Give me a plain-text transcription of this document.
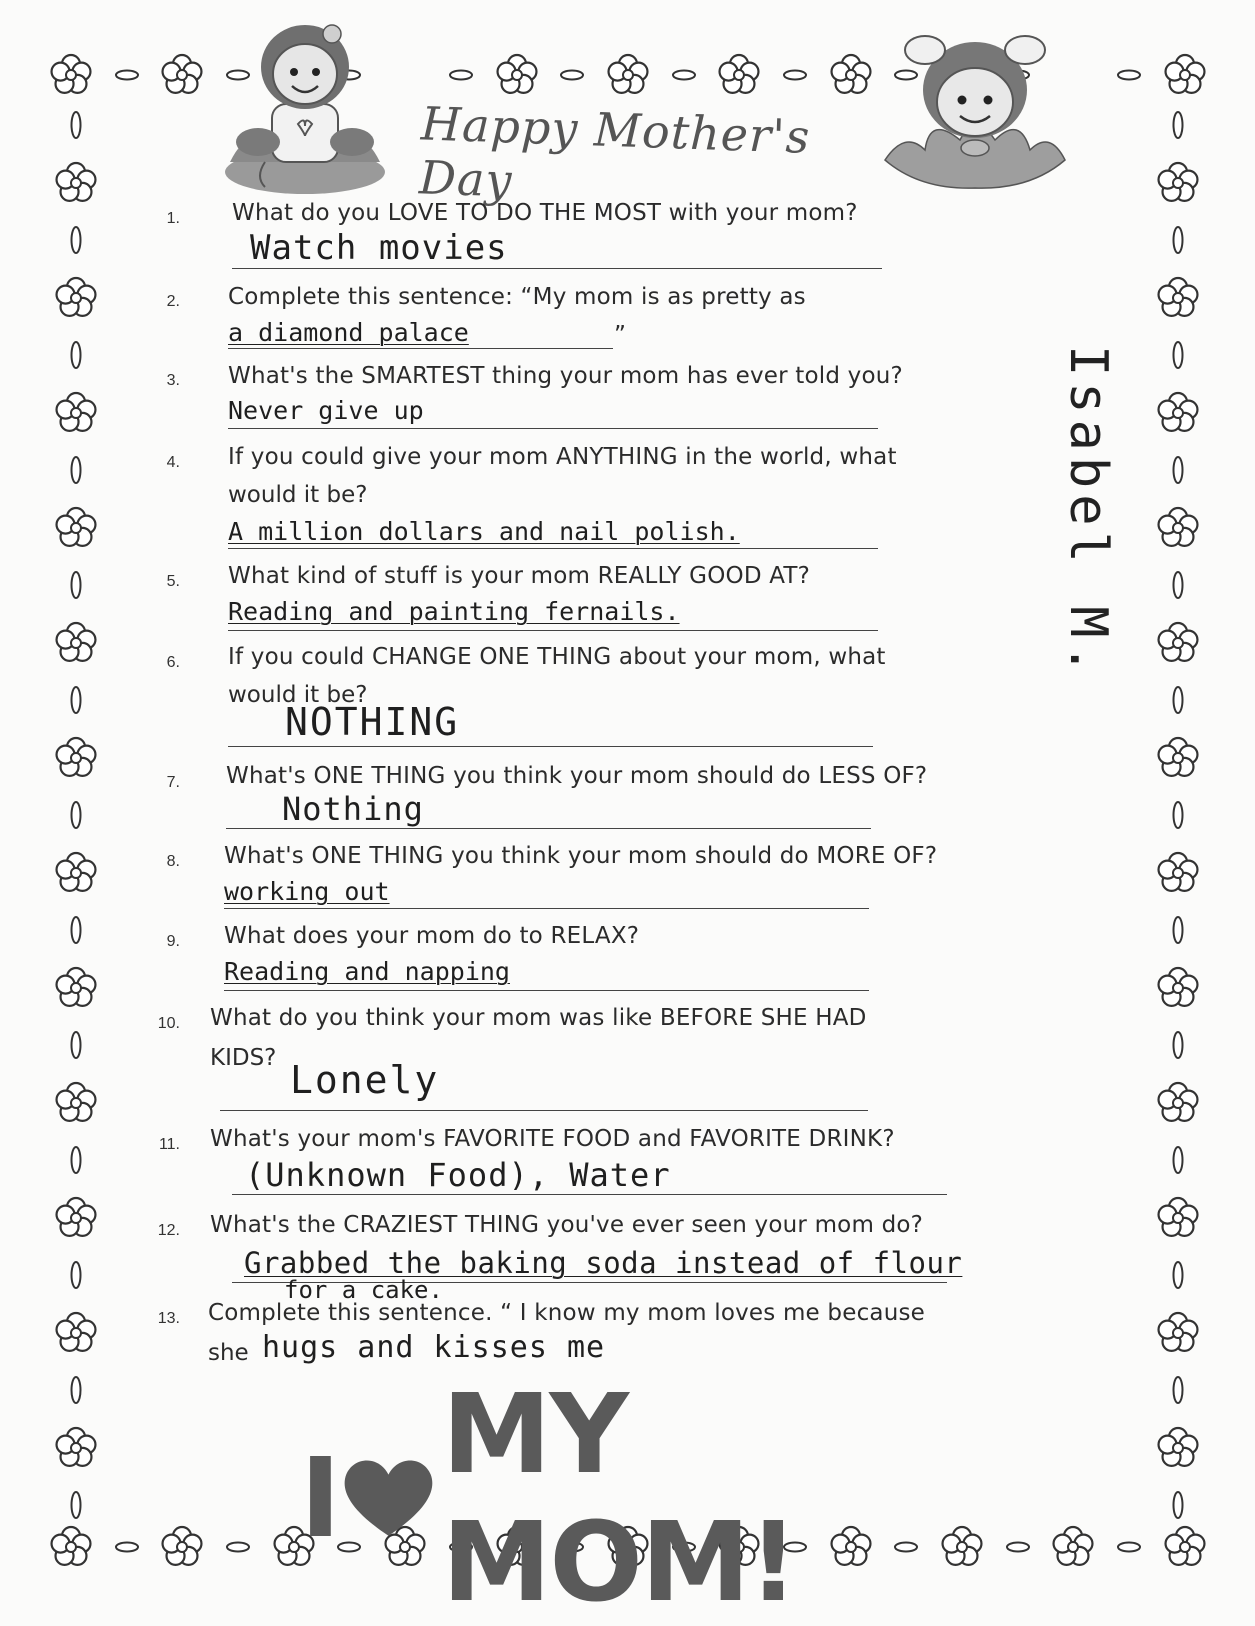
Happy Mother's Day
Isabel M.
1. What do you LOVE TO DO THE MOST with your mom?
Watch movies
2. Complete this sentence: “My mom is as pretty as
a diamond palace	”
3. What's the SMARTEST thing your mom has ever told you?
Never give up
4. If you could give your mom ANYTHING in the world, what
would it be?
A million dollars and nail polish.
5. What kind of stuff is your mom REALLY GOOD AT?
Reading and painting fernails.
6. If you could CHANGE ONE THING about your mom, what
would it be?
NOTHING
7. What's ONE THING you think your mom should do LESS OF?
Nothing
8. What's ONE THING you think your mom should do MORE OF?
working out
9. What does your mom do to RELAX?
Reading and napping
10. What do you think your mom was like BEFORE SHE HAD
KIDS? Lonely
11. What's your mom's FAVORITE FOOD and FAVORITE DRINK?
(Unknown Food), Water
12. What's the CRAZIEST THING you've ever seen your mom do?
Grabbed the baking soda instead of flour
for a cake.
13. Complete this sentence. “ I know my mom loves me because
she hugs and kisses me
I MY MOM!
